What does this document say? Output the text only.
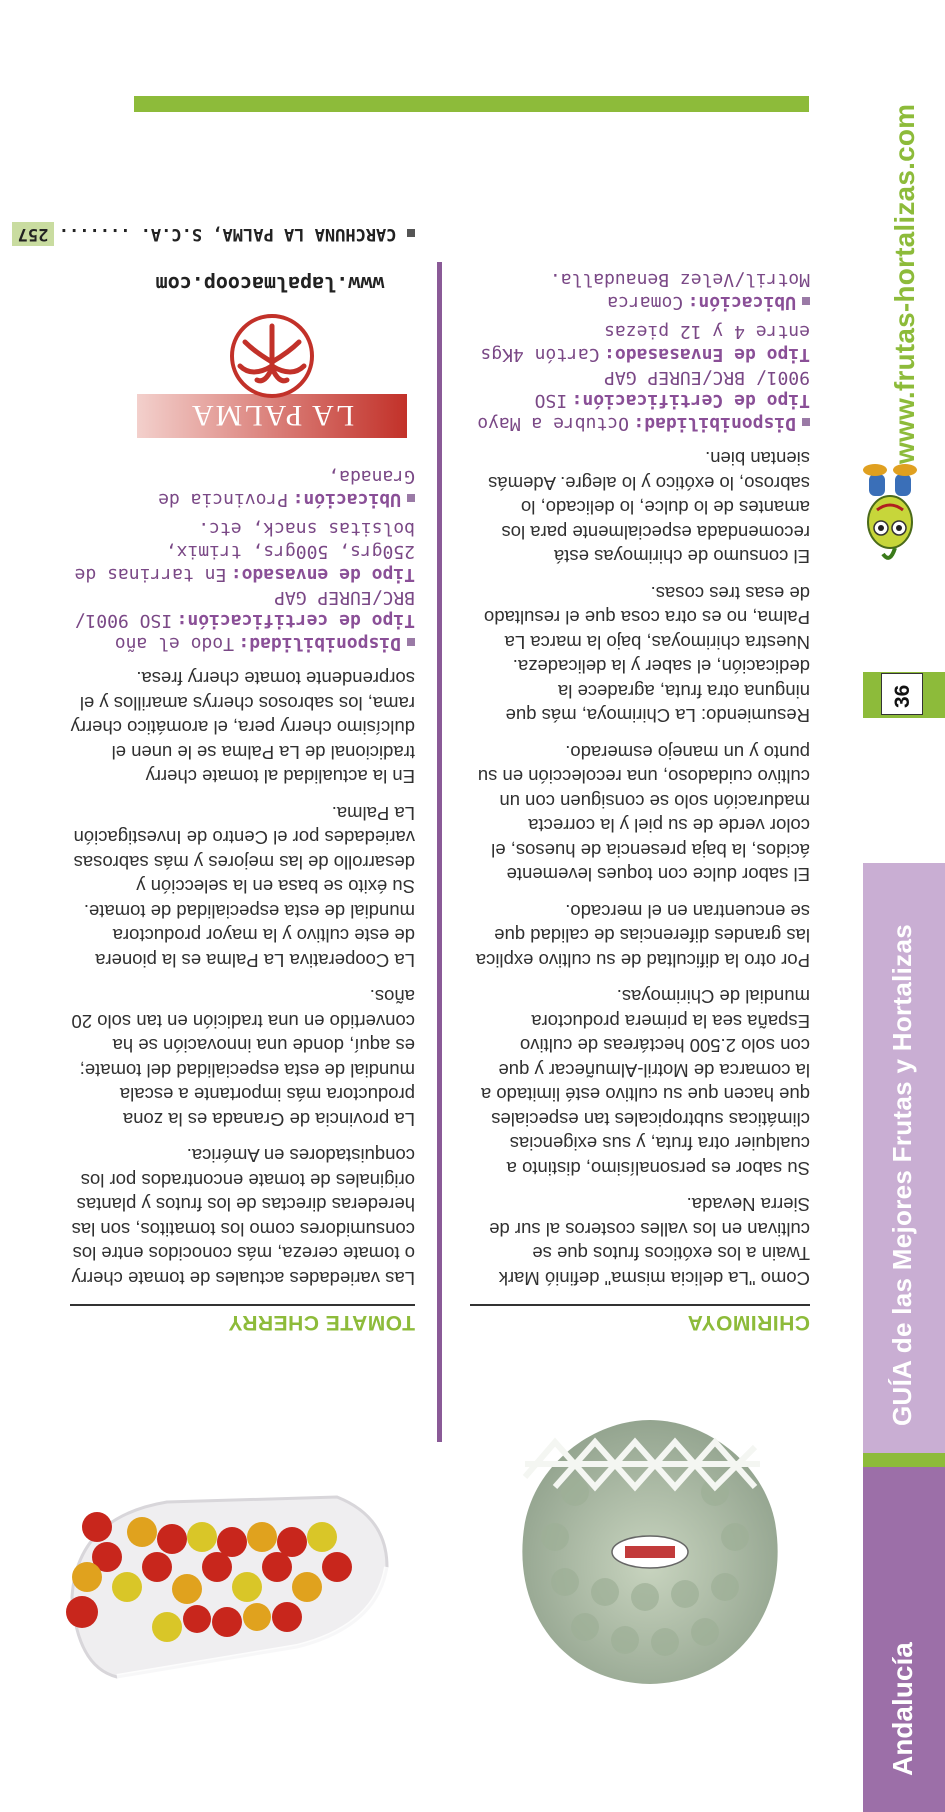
Andalucía
GUÍA de las Mejores Frutas y Hortalizas
36
www.frutas-hortalizas.com
CHIRIMOYA

Como "La delicia misma" definió Mark Twain a los exóticos frutos que se cultivan en los valles costeros al sur de Sierra Nevada.

Su sabor es personalísimo, distinto a cualquier otra fruta, y sus exigencias climáticas subtropicales tan especiales que hacen que su cultivo esté limitado a la comarca de Motril-Almuñecar y que con solo 2.500 hectáreas de cultivo España sea la primera productora mundial de Chirimoyas.

Por otro la dificultad de su cultivo explica las grandes diferencias de calidad que se encuentran en el mercado.

El sabor dulce con toques levemente ácidos, la baja presencia de huesos, el color verde de su piel y la correcta maduración solo se consiguen con un cultivo cuidadoso, una recolección en su punto y un manejo esmerado.

Resumiendo: La Chirimoya, más que ninguna otra fruta, agradece la dedicación, el saber y la delicadeza. Nuestra chirimoyas, bajo la marca La Palma, no es otra cosa que el resultado de esas tres cosas.

El consumo de chirimoyas está recomendada especialmente para los amantes de lo dulce, lo delicado, lo sabroso, lo exótico y lo alegre. Además sientan bien.

Disponibilidad: Octubre a Mayo
Tipo de Certificación: ISO 9001/ BRC/EUREP GAP
Tipo de Envasasado: Cartón 4Kgs entre 4 y 12 piezas
Ubicación: Comarca Motril/Velez Benaudalla.
TOMATE CHERRY

Las variedades actuales de tomate cherry o tomate cereza, más conocidos entre los consumidores como los tomatitos, son las herederas directas de los frutos y plantas originales de tomate encontrados por los conquistadores en América.

La provincia de Granada es la zona productora más importante a escala mundial de esta especialidad del tomate; es aquí, donde una innovación se ha convertido en una tradición en tan solo 20 años.

La Cooperativa La Palma es la pionera de este cultivo y la mayor productora mundial de esta especialidad de tomate. Su éxito se basa en la selección y desarrollo de las mejores y más sabrosas variedades por el Centro de Investigación La Palma.

En la actualidad al tomate cherry tradicional de La Palma se le unen el dulcísimo cherry pera, el aromático cherry rama, los sabrosos cherrys amarillos y el sorprendente tomate cherry fresa.

Disponibilidad: Todo el año
Tipo de certificación: ISO 9001/ BRC/EUREP GAP
Tipo de envasado: En tarrinas de 250grs, 500grs, trimix, bolsitas snack, etc.
Ubicación: Provincia de Granada,
LA PALMA
www.lapalmacoop.com
CARCHUNA LA PALMA, S.C.A. ....... 257
